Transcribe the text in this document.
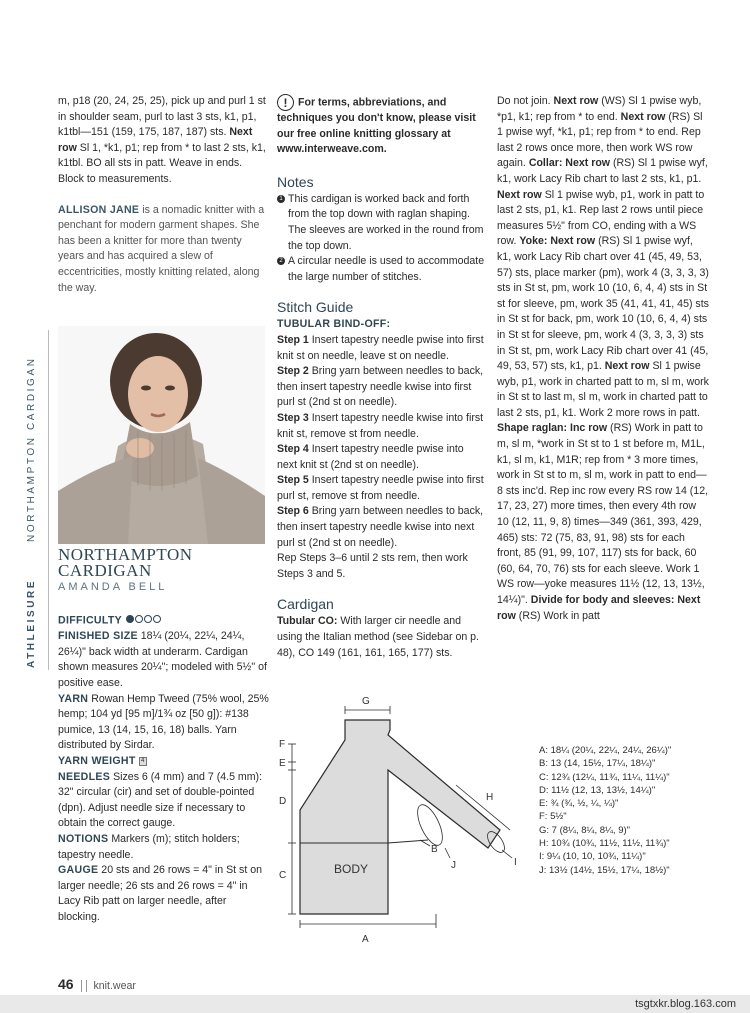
ATHLEISURE
NORTHAMPTON CARDIGAN

m, p18 (20, 24, 25, 25), pick up and purl 1 st in shoulder seam, purl to last 3 sts, k1, p1, k1tbl—151 (159, 175, 187, 187) sts. Next row Sl 1, *k1, p1; rep from * to last 2 sts, k1, k1tbl. BO all sts in patt. Weave in ends. Block to measurements.

ALLISON JANE is a nomadic knitter with a penchant for modern garment shapes. She has been a knitter for more than twenty years and has acquired a slew of eccentricities, mostly knitting related, along the way.

NORTHAMPTON CARDIGAN
AMANDA BELL

DIFFICULTY

FINISHED SIZE 18¼ (20¼, 22¼, 24¼, 26¼)" back width at underarm. Cardigan shown measures 20¼"; modeled with 5½" of positive ease.

YARN Rowan Hemp Tweed (75% wool, 25% hemp; 104 yd [95 m]/1¾ oz [50 g]): #138 pumice, 13 (14, 15, 16, 18) balls. Yarn distributed by Sirdar.

YARN WEIGHT 4

NEEDLES Sizes 6 (4 mm) and 7 (4.5 mm): 32" circular (cir) and set of double-pointed (dpn). Adjust needle size if necessary to obtain the correct gauge.

NOTIONS Markers (m); stitch holders; tapestry needle.

GAUGE 20 sts and 26 rows = 4" in St st on larger needle; 26 sts and 26 rows = 4" in Lacy Rib patt on larger needle, after blocking.

! For terms, abbreviations, and techniques you don't know, please visit our free online knitting glossary at www.interweave.com.
Notes

1 This cardigan is worked back and forth from the top down with raglan shaping. The sleeves are worked in the round from the top down.

2 A circular needle is used to accommodate the large number of stitches.

Stitch Guide

TUBULAR BIND-OFF:

Step 1 Insert tapestry needle pwise into first knit st on needle, leave st on needle.

Step 2 Bring yarn between needles to back, then insert tapestry needle kwise into first purl st (2nd st on needle).

Step 3 Insert tapestry needle kwise into first knit st, remove st from needle.

Step 4 Insert tapestry needle pwise into next knit st (2nd st on needle).

Step 5 Insert tapestry needle pwise into first purl st, remove st from needle.

Step 6 Bring yarn between needles to back, then insert tapestry needle kwise into next purl st (2nd st on needle).

Rep Steps 3–6 until 2 sts rem, then work Steps 3 and 5.

Cardigan

Tubular CO: With larger cir needle and using the Italian method (see Sidebar on p. 48), CO 149 (161, 161, 165, 177) sts.

Do not join. Next row (WS) Sl 1 pwise wyb, *p1, k1; rep from * to end. Next row (RS) Sl 1 pwise wyf, *k1, p1; rep from * to end. Rep last 2 rows once more, then work WS row again. Collar: Next row (RS) Sl 1 pwise wyf, k1, work Lacy Rib chart to last 2 sts, k1, p1. Next row Sl 1 pwise wyb, p1, work in patt to last 2 sts, p1, k1. Rep last 2 rows until piece measures 5½" from CO, ending with a WS row. Yoke: Next row (RS) Sl 1 pwise wyf, k1, work Lacy Rib chart over 41 (45, 49, 53, 57) sts, place marker (pm), work 4 (3, 3, 3, 3) sts in St st, pm, work 10 (10, 6, 4, 4) sts in St st for sleeve, pm, work 35 (41, 41, 41, 45) sts in St st for back, pm, work 10 (10, 6, 4, 4) sts in St st for sleeve, pm, work 4 (3, 3, 3, 3) sts in St st, pm, work Lacy Rib chart over 41 (45, 49, 53, 57) sts, k1, p1. Next row Sl 1 pwise wyb, p1, work in charted patt to m, sl m, work in St st to last m, sl m, work in charted patt to last 2 sts, p1, k1. Work 2 more rows in patt. Shape raglan: Inc row (RS) Work in patt to m, sl m, *work in St st to 1 st before m, M1L, k1, sl m, k1, M1R; rep from * 3 more times, work in St st to m, sl m, work in patt to end—8 sts inc'd. Rep inc row every RS row 14 (12, 17, 23, 27) more times, then every 4th row 10 (12, 11, 9, 8) times—349 (361, 393, 429, 465) sts: 72 (75, 83, 91, 98) sts for each front, 85 (91, 99, 107, 117) sts for back, 60 (60, 64, 70, 76) sts for each sleeve. Work 1 WS row—yoke measures 11½ (12, 13, 13½, 14¼)". Divide for body and sleeves: Next row (RS) Work in patt

G
F
E
D
C
A
B
J
H
I
BODY
A: 18¼ (20¼, 22¼, 24¼, 26¼)"
B: 13 (14, 15½, 17¼, 18¼)"
C: 12¾ (12¼, 11¾, 11¼, 11¼)"
D: 11½ (12, 13, 13½, 14¼)"
E: ¾ (¾, ½, ¼, ¼)"
F: 5½"
G: 7 (8¼, 8¼, 8¼, 9)"
H: 10¾ (10¾, 11½, 11½, 11¾)"
I: 9¼ (10, 10, 10¾, 11¼)"
J: 13½ (14½, 15½, 17¼, 18½)"
46 knit.wear
tsgtxkr.blog.163.com
